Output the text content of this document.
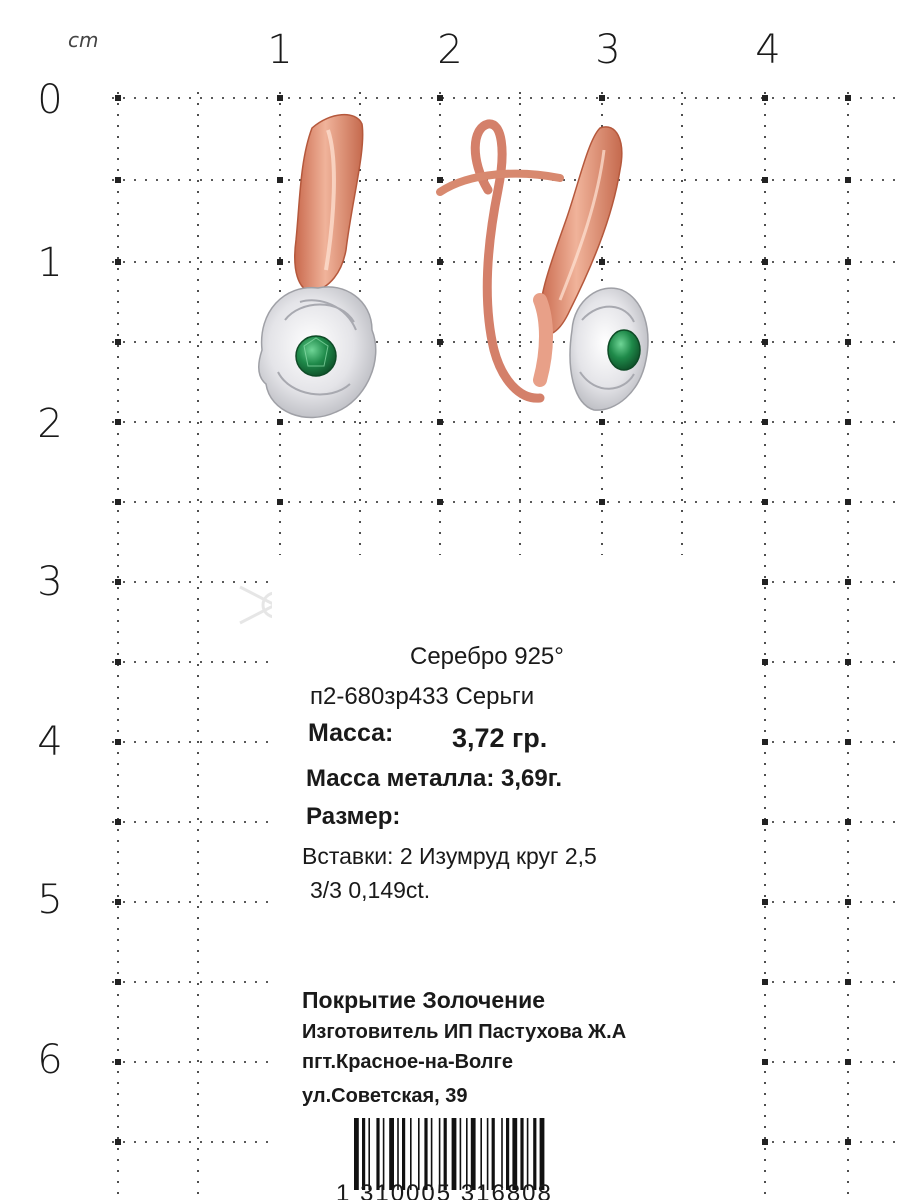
cm	1	2	3	4
0
1
2
3
4
5
6
Серебро 925°
п2-680зр433 Серьги
Масса: 3,72 гр.
Масса металла: 3,69г.
Размер:
Вставки: 2 Изумруд круг 2,5
3/3 0,149ct.
Покрытие Золочение
Изготовитель ИП Пастухова Ж.А
пгт.Красное-на-Волге
ул.Советская, 39
1 310005 316808
